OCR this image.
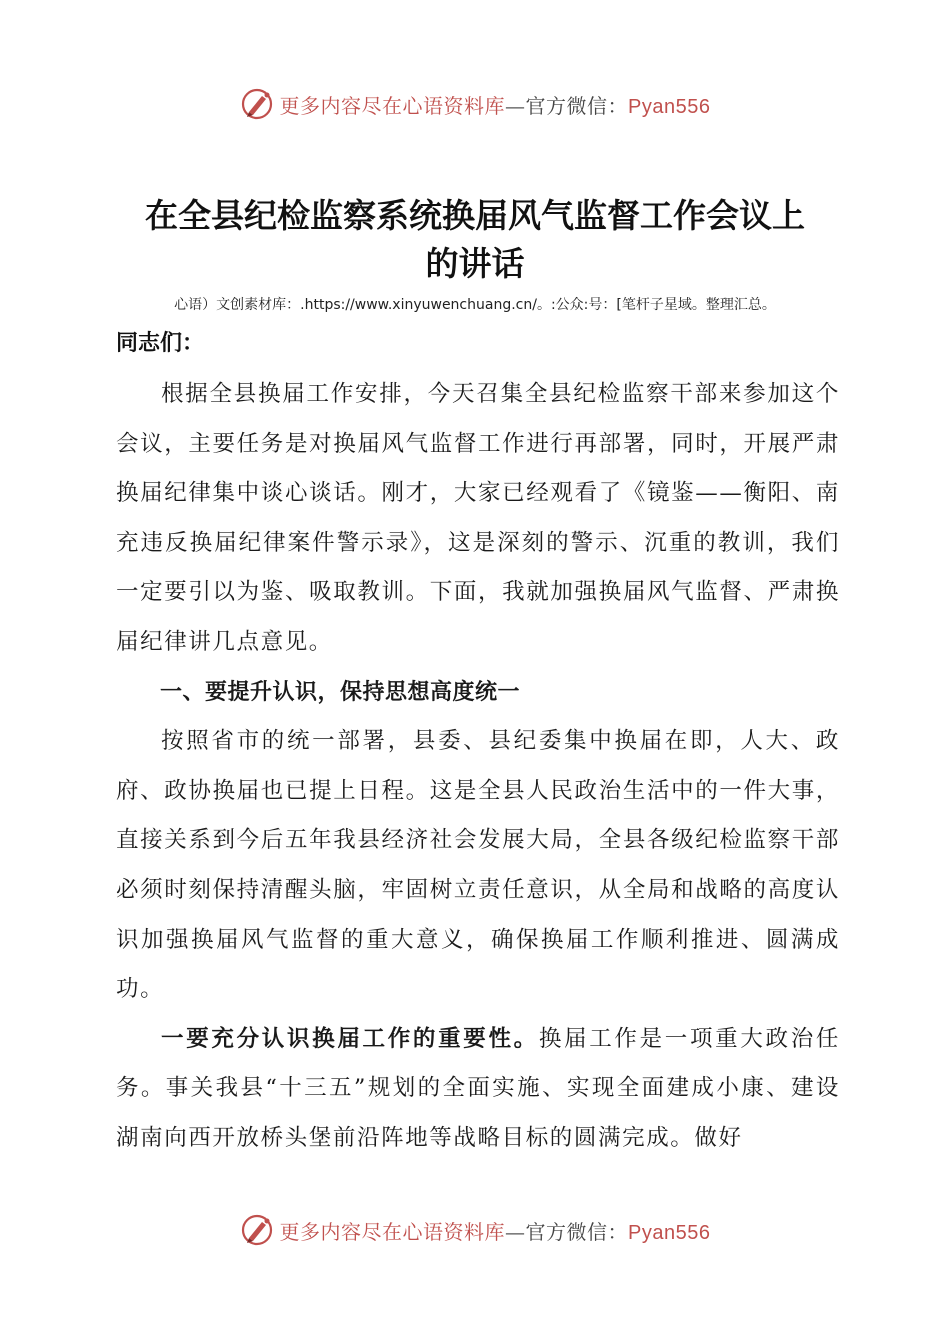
更多内容尽在心语资料库—官方微信：Pyan556
在全县纪检监察系统换届风气监督工作会议上
的讲话
心语）文创素材库：.https://www.xinyuwenchuang.cn/。:公众:号：[笔杆子星域。整理汇总。
同志们：

根据全县换届工作安排，今天召集全县纪检监察干部来参加这个会议，主要任务是对换届风气监督工作进行再部署，同时，开展严肃换届纪律集中谈心谈话。刚才，大家已经观看了《镜鉴——衡阳、南充违反换届纪律案件警示录》，这是深刻的警示、沉重的教训，我们一定要引以为鉴、吸取教训。下面，我就加强换届风气监督、严肃换届纪律讲几点意见。

一、要提升认识，保持思想高度统一

按照省市的统一部署，县委、县纪委集中换届在即，人大、政府、政协换届也已提上日程。这是全县人民政治生活中的一件大事，直接关系到今后五年我县经济社会发展大局，全县各级纪检监察干部必须时刻保持清醒头脑，牢固树立责任意识，从全局和战略的高度认识加强换届风气监督的重大意义，确保换届工作顺利推进、圆满成功。

一要充分认识换届工作的重要性。换届工作是一项重大政治任务。事关我县“十三五”规划的全面实施、实现全面建成小康、建设湖南向西开放桥头堡前沿阵地等战略目标的圆满完成。做好

更多内容尽在心语资料库—官方微信：Pyan556
